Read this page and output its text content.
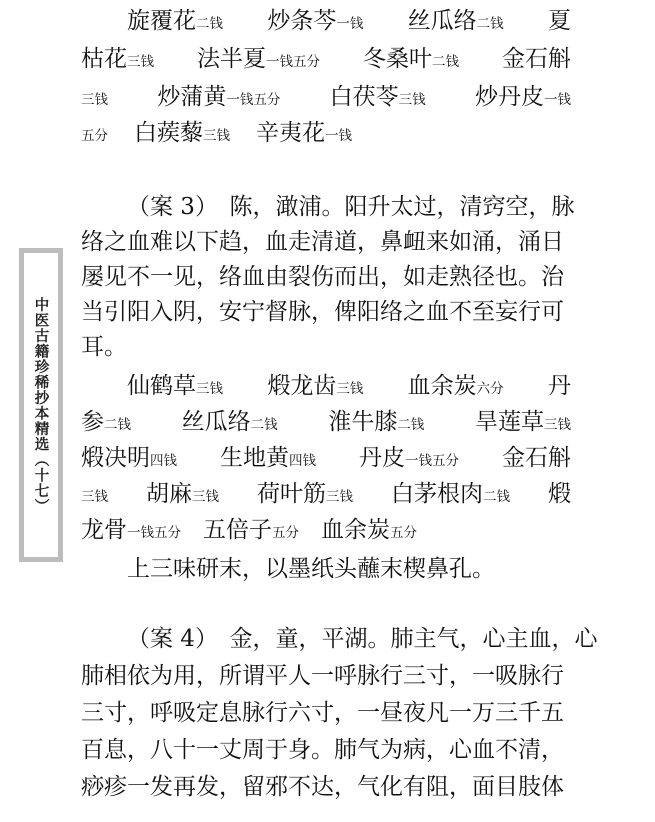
中医古籍珍稀抄本精选（十七）
旋覆花二钱 炒条芩一钱 丝瓜络二钱 夏
枯花三钱 法半夏一钱五分 冬桑叶二钱 金石斛
三钱 炒蒲黄一钱五分 白茯苓三钱 炒丹皮一钱
五分 白蒺藜三钱 辛夷花一钱
（案 3）　陈，澉浦。阳升太过，清窍空，脉
络之血难以下趋，血走清道，鼻衄来如涌，涌日
屡见不一见，络血由裂伤而出，如走熟径也。治
当引阳入阴，安宁督脉，俾阳络之血不至妄行可
耳。
仙鹤草三钱 煅龙齿三钱 血余炭六分 丹
参二钱 丝瓜络二钱 淮牛膝二钱 旱莲草三钱
煅决明四钱 生地黄四钱 丹皮一钱五分 金石斛
三钱 胡麻三钱 荷叶筋三钱 白茅根肉二钱 煅
龙骨一钱五分 五倍子五分 血余炭五分
上三味研末，以墨纸头蘸末楔鼻孔。
（案 4）　金，童，平湖。肺主气，心主血，心
肺相依为用，所谓平人一呼脉行三寸，一吸脉行
三寸，呼吸定息脉行六寸，一昼夜凡一万三千五
百息，八十一丈周于身。肺气为病，心血不清，
痧疹一发再发，留邪不达，气化有阻，面目肢体
